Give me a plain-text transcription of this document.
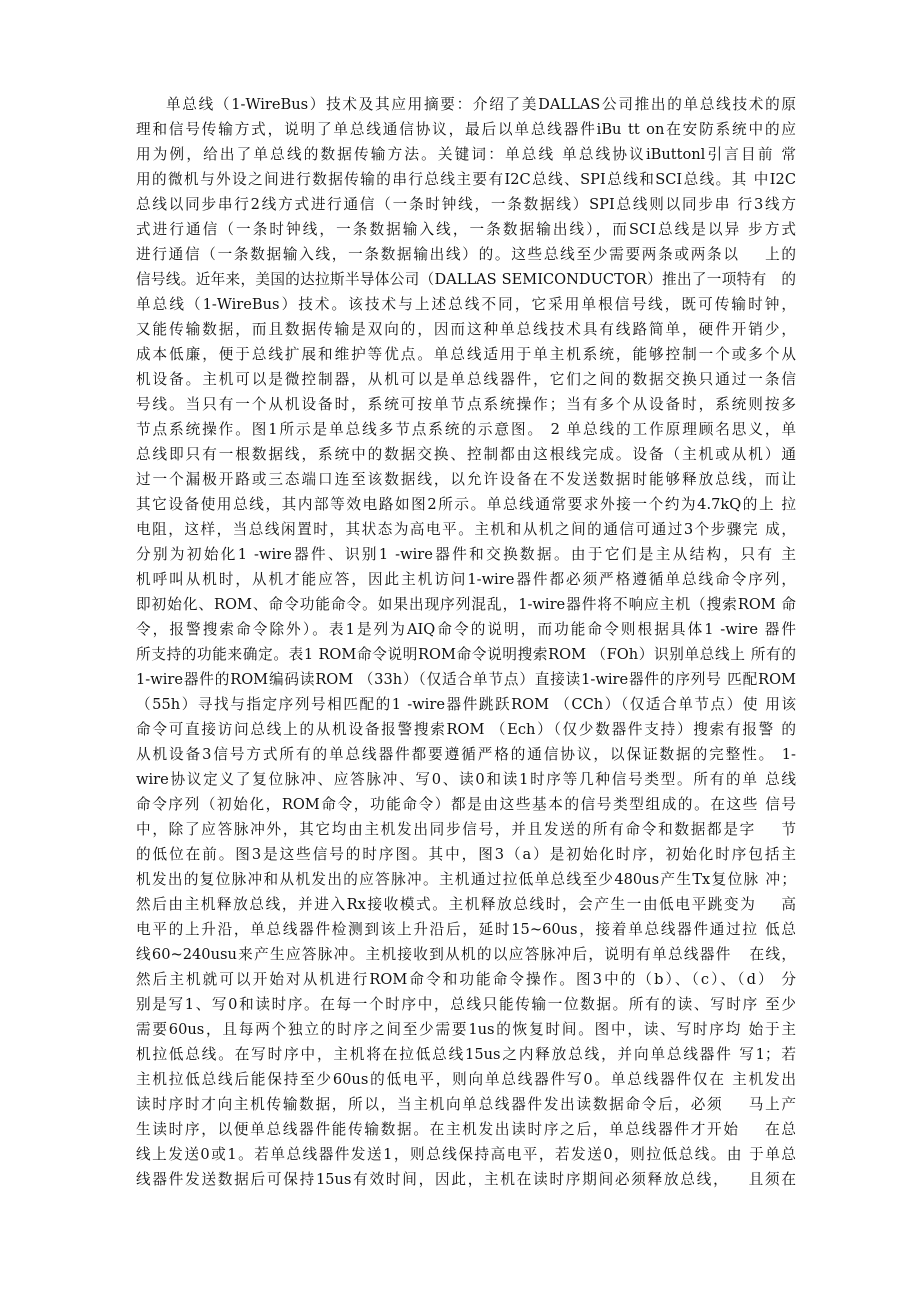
单总线（1-WireBus）技术及其应用摘要：介绍了美DALLAS公司推出的单总线技术的原
理和信号传输方式，说明了单总线通信协议，最后以单总线器件iBu tt on在安防系统中的应
用为例，给出了单总线的数据传输方法。关键词：单总线 单总线协议iButtonl引言目前 常
用的微机与外设之间进行数据传输的串行总线主要有I2C总线、SPI总线和SCI总线。其 中I2C
总线以同步串行2线方式进行通信（一条时钟线，一条数据线）SPI总线则以同步串 行3线方
式进行通信（一条时钟线，一条数据输入线，一条数据输出线），而SCI总线是以异 步方式
进行通信（一条数据输入线，一条数据输出线）的。这些总线至少需要两条或两条以    上的
信号线。近年来，美国的达拉斯半导体公司（DALLAS SEMICONDUCTOR）推出了一项特有   的
单总线（1-WireBus）技术。该技术与上述总线不同，它采用单根信号线，既可传输时钟，
又能传输数据，而且数据传输是双向的，因而这种单总线技术具有线路简单，硬件开销少，
成本低廉，便于总线扩展和维护等优点。单总线适用于单主机系统，能够控制一个或多个从
机设备。主机可以是微控制器，从机可以是单总线器件，它们之间的数据交换只通过一条信
号线。当只有一个从机设备时，系统可按单节点系统操作；当有多个从设备时，系统则按多
节点系统操作。图1所示是单总线多节点系统的示意图。 2 单总线的工作原理顾名思义，单
总线即只有一根数据线，系统中的数据交换、控制都由这根线完成。设备（主机或从机）通
过一个漏极开路或三态端口连至该数据线，以允许设备在不发送数据时能够释放总线，而让
其它设备使用总线，其内部等效电路如图2所示。单总线通常要求外接一个约为4.7kQ的上 拉
电阻，这样，当总线闲置时，其状态为高电平。主机和从机之间的通信可通过3个步骤完 成，
分别为初始化1 -wire器件、识别1 -wire器件和交换数据。由于它们是主从结构，只有 主
机呼叫从机时，从机才能应答，因此主机访问1-wire器件都必须严格遵循单总线命令序列，
即初始化、ROM、命令功能命令。如果出现序列混乱，1-wire器件将不响应主机（搜索ROM 命
令，报警搜索命令除外）。表1是列为AIQ命令的说明，而功能命令则根据具体1 -wire 器件
所支持的功能来确定。表1 ROM命令说明ROM命令说明搜索ROM （FOh）识别单总线上 所有的
1-wire器件的ROM编码读ROM （33h）（仅适合单节点）直接读1-wire器件的序列号 匹配ROM
（55h）寻找与指定序列号相匹配的1 -wire器件跳跃ROM （CCh）（仅适合单节点）使 用该
命令可直接访问总线上的从机设备报警搜索ROM （Ech）（仅少数器件支持）搜索有报警 的
从机设备3信号方式所有的单总线器件都要遵循严格的通信协议，以保证数据的完整性。 1-
wire协议定义了复位脉冲、应答脉冲、写0、读0和读1时序等几种信号类型。所有的单 总线
命令序列（初始化，ROM命令，功能命令）都是由这些基本的信号类型组成的。在这些 信号
中，除了应答脉冲外，其它均由主机发出同步信号，并且发送的所有命令和数据都是字    节
的低位在前。图3是这些信号的时序图。其中，图3（a）是初始化时序，初始化时序包括主
机发出的复位脉冲和从机发出的应答脉冲。主机通过拉低单总线至少480us产生Tx复位脉 冲；
然后由主机释放总线，并进入Rx接收模式。主机释放总线时，会产生一由低电平跳变为    高
电平的上升沿，单总线器件检测到该上升沿后，延时15~60us，接着单总线器件通过拉 低总
线60~240usu来产生应答脉冲。主机接收到从机的以应答脉冲后，说明有单总线器件   在线，
然后主机就可以开始对从机进行ROM命令和功能命令操作。图3中的（b）、（c）、（d） 分
别是写1、写0和读时序。在每一个时序中，总线只能传输一位数据。所有的读、写时序 至少
需要60us，且每两个独立的时序之间至少需要1us的恢复时间。图中，读、写时序均 始于主
机拉低总线。在写时序中，主机将在拉低总线15us之内释放总线，并向单总线器件 写1；若
主机拉低总线后能保持至少60us的低电平，则向单总线器件写0。单总线器件仅在 主机发出
读时序时才向主机传输数据，所以，当主机向单总线器件发出读数据命令后，必须    马上产
生读时序，以便单总线器件能传输数据。在主机发出读时序之后，单总线器件才开始    在总
线上发送0或1。若单总线器件发送1，则总线保持高电平，若发送0，则拉低总线。由 于单总
线器件发送数据后可保持15us有效时间，因此，主机在读时序期间必须释放总线，   且须在
